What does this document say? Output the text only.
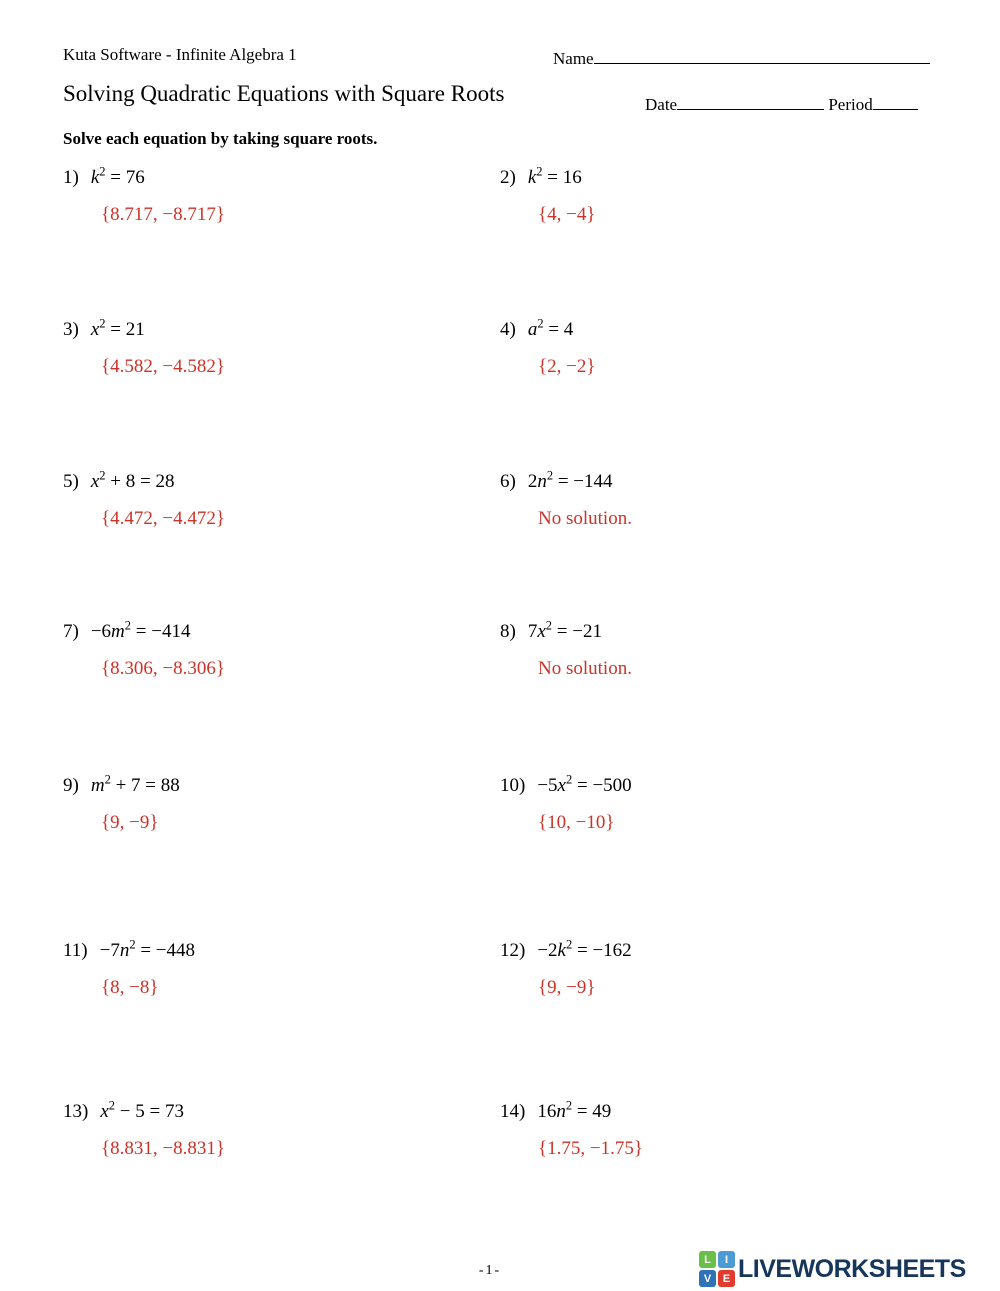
Kuta Software - Infinite Algebra 1	Name
Solving Quadratic Equations with Square Roots	Date	Period

Solve each equation by taking square roots.

1) $k^2 = 76$
{8.717, −8.717}
2) $k^2 = 16$
{4, −4}
3) $x^2 = 21$
{4.582, −4.582}
4) $a^2 = 4$
{2, −2}
5) $x^2 + 8 = 28$
{4.472, −4.472}
6) $2n^2 = -144$
No solution.
$7) -6m^2 = -414$
{8.306, −8.306}
8) $7x^2 = -21$
No solution.
9) $m^2 + 7 = 88$
{9, −9}
$10) -5x^2 = -500$
{10, −10}
$11) -7n^2 = -448$
{8, −8}
$12) -2k^2 = -162$
{9, −9}
13) $x^2 - 5 = 73$
{8.831, −8.831}
14) $16n^2 = 49$
{1.75, −1.75}
-1-
L	I
V	E LIVEWORKSHEETS
